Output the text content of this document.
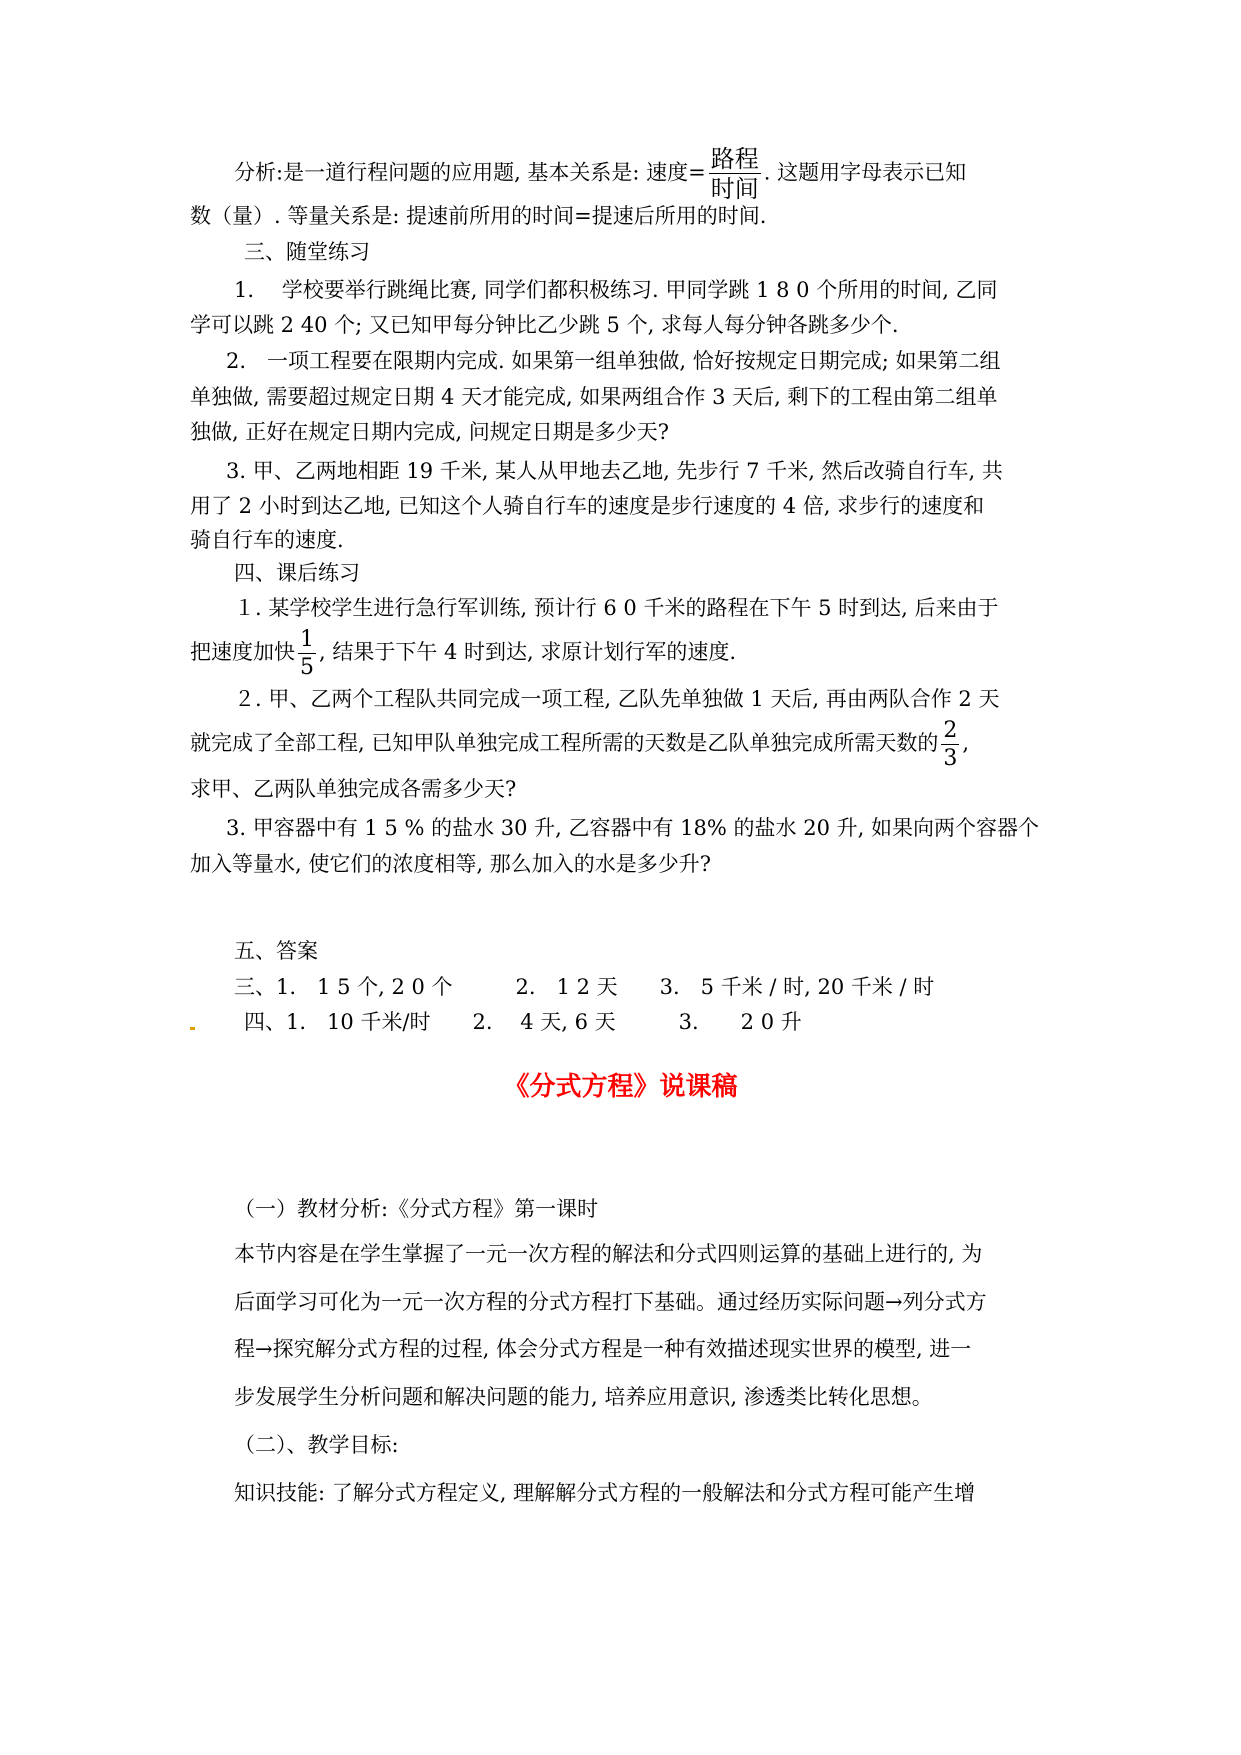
分析:是一道行程问题的应用题, 基本关系是: 速度= $\frac{\text{路程}}{\text{时间}}$ . 这题用字母表示已知
数（量）. 等量关系是: 提速前所用的时间=提速后所用的时间.
三、随堂练习
1.　 学校要举行跳绳比赛, 同学们都积极练习. 甲同学跳 1 8 0 个所用的时间, 乙同
学可以跳 2 40 个; 又已知甲每分钟比乙少跳 5 个, 求每人每分钟各跳多少个.
2.　一项工程要在限期内完成. 如果第一组单独做, 恰好按规定日期完成; 如果第二组
单独做, 需要超过规定日期 4 天才能完成, 如果两组合作 3 天后, 剩下的工程由第二组单
独做, 正好在规定日期内完成, 问规定日期是多少天?
3. 甲、乙两地相距 19 千米, 某人从甲地去乙地, 先步行 7 千米, 然后改骑自行车, 共
用了 2 小时到达乙地, 已知这个人骑自行车的速度是步行速度的 4 倍, 求步行的速度和
骑自行车的速度.
四、课后练习
１. 某学校学生进行急行军训练, 预计行 6 0 千米的路程在下午 5 时到达, 后来由于
把速度加快 $\frac{1}{5}$ , 结果于下午 4 时到达, 求原计划行军的速度.
２. 甲、乙两个工程队共同完成一项工程, 乙队先单独做 1 天后, 再由两队合作 2 天
就完成了全部工程, 已知甲队单独完成工程所需的天数是乙队单独完成所需天数的 $\frac{2}{3}$ ,
求甲、乙两队单独完成各需多少天?
3. 甲容器中有 1 5 % 的盐水 30 升, 乙容器中有 18% 的盐水 20 升, 如果向两个容器个
加入等量水, 使它们的浓度相等, 那么加入的水是多少升?
五、答案
三、1.　1 5 个, 2 0 个　　　2.　1 2 天　　3.　5 千米 / 时, 20 千米 / 时
四、1.　10 千米/时　　2.　 4 天, 6 天　　　3.　　2 0 升
《分式方程》说课稿
（一）教材分析:《分式方程》第一课时
本节内容是在学生掌握了一元一次方程的解法和分式四则运算的基础上进行的, 为
后面学习可化为一元一次方程的分式方程打下基础。通过经历实际问题→列分式方
程→探究解分式方程的过程, 体会分式方程是一种有效描述现实世界的模型, 进一
步发展学生分析问题和解决问题的能力, 培养应用意识, 渗透类比转化思想。
（二）、教学目标:
知识技能: 了解分式方程定义, 理解解分式方程的一般解法和分式方程可能产生增
